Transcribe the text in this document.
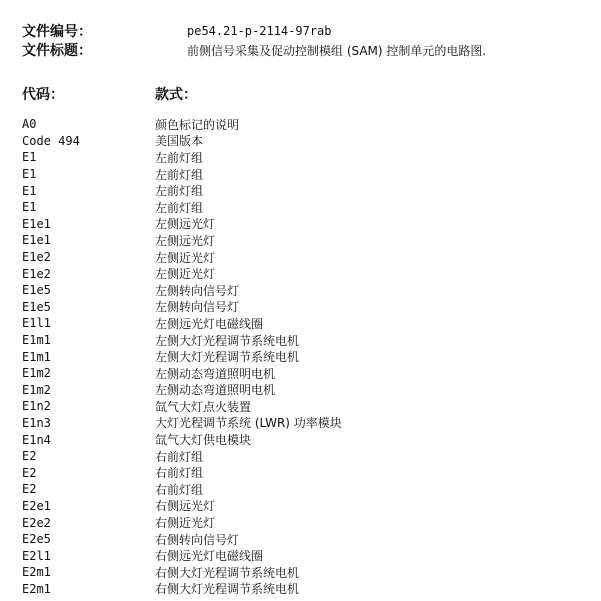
文件编号：	pe54.21-p-2114-97rab
文件标题：	前侧信号采集及促动控制模组 (SAM) 控制单元的电路图.
代码：	款式：
A0	颜色标记的说明
Code 494	美国版本
E1	左前灯组
E1	左前灯组
E1	左前灯组
E1	左前灯组
E1e1	左侧远光灯
E1e1	左侧远光灯
E1e2	左侧近光灯
E1e2	左侧近光灯
E1e5	左侧转向信号灯
E1e5	左侧转向信号灯
E1l1	左侧远光灯电磁线圈
E1m1	左侧大灯光程调节系统电机
E1m1	左侧大灯光程调节系统电机
E1m2	左侧动态弯道照明电机
E1m2	左侧动态弯道照明电机
E1n2	氙气大灯点火装置
E1n3	大灯光程调节系统 (LWR) 功率模块
E1n4	氙气大灯供电模块
E2	右前灯组
E2	右前灯组
E2	右前灯组
E2e1	右侧远光灯
E2e2	右侧近光灯
E2e5	右侧转向信号灯
E2l1	右侧远光灯电磁线圈
E2m1	右侧大灯光程调节系统电机
E2m1	右侧大灯光程调节系统电机
